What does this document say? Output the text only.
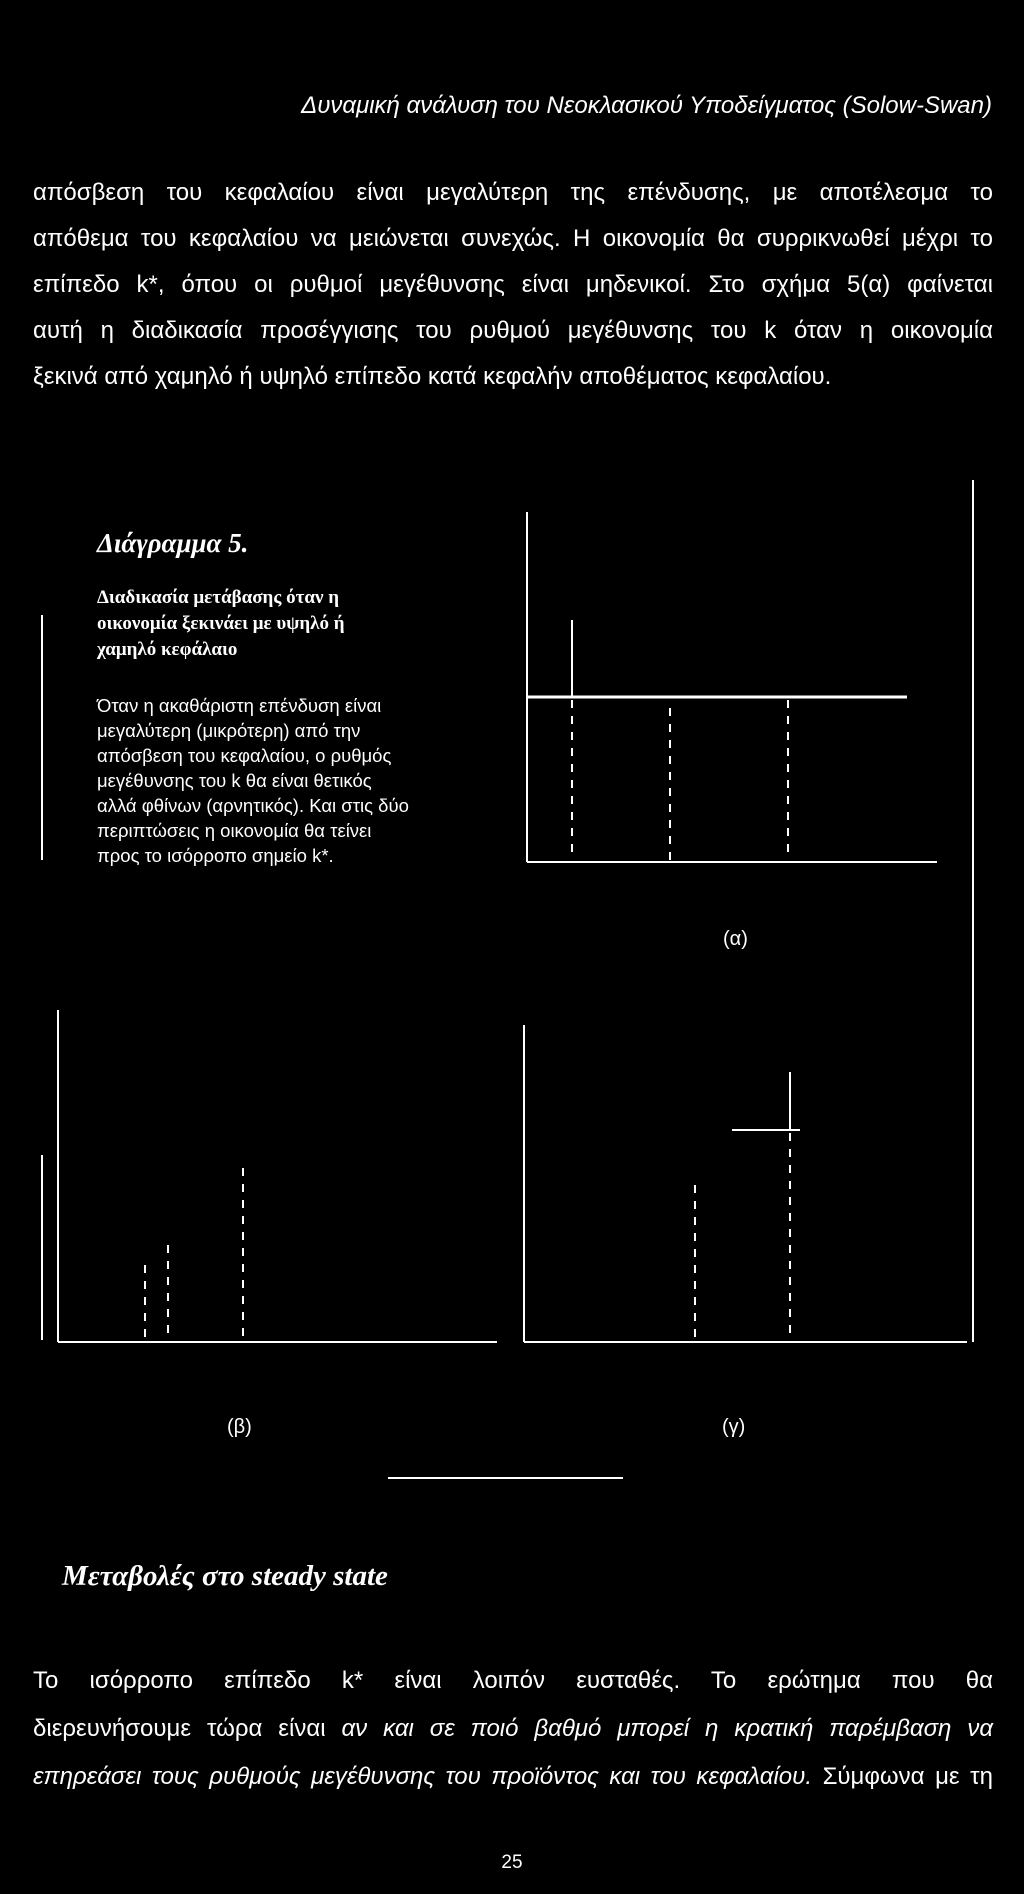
Δυναμική ανάλυση του Νεοκλασικού Υποδείγματος (Solow-Swan)
απόσβεση του κεφαλαίου είναι μεγαλύτερη της επένδυσης, με αποτέλεσμα το
απόθεμα του κεφαλαίου να μειώνεται συνεχώς. Η οικονομία θα συρρικνωθεί μέχρι το
επίπεδο k*, όπου οι ρυθμοί μεγέθυνσης είναι μηδενικοί. Στο σχήμα 5(α) φαίνεται
αυτή η διαδικασία προσέγγισης του ρυθμού μεγέθυνσης του k όταν η οικονομία
ξεκινά από χαμηλό ή υψηλό επίπεδο κατά κεφαλήν αποθέματος κεφαλαίου.
Διάγραμμα 5.
Διαδικασία μετάβασης όταν η
οικονομία ξεκινάει με υψηλό ή
χαμηλό κεφάλαιο
Όταν η ακαθάριστη επένδυση είναι
μεγαλύτερη (μικρότερη) από την
απόσβεση του κεφαλαίου, ο ρυθμός
μεγέθυνσης του k θα είναι θετικός
αλλά φθίνων (αρνητικός). Και στις δύο
περιπτώσεις η οικονομία θα τείνει
προς το ισόρροπο σημείο k*.
(α)
(β)	(γ)
Μεταβολές στο steady state
Το ισόρροπο επίπεδο k* είναι λοιπόν ευσταθές. Το ερώτημα που θα
διερευνήσουμε τώρα είναι αν και σε ποιό βαθμό μπορεί η κρατική παρέμβαση να
επηρεάσει τους ρυθμούς μεγέθυνσης του προϊόντος και του κεφαλαίου. Σύμφωνα με τη
25
